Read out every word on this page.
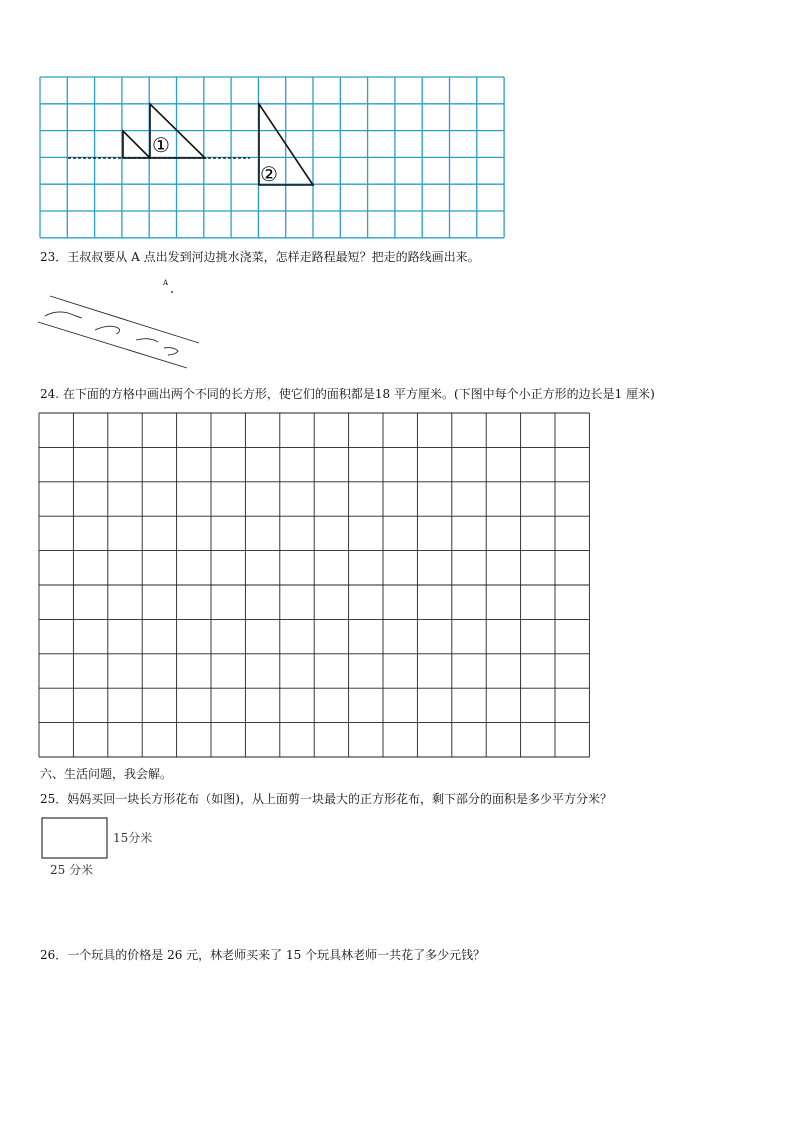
①
②
23．王叔叔要从 A 点出发到河边挑水浇菜，怎样走路程最短？把走的路线画出来。
A
24. 在下面的方格中画出两个不同的长方形，使它们的面积都是18 平方厘米。(下图中每个小正方形的边长是1 厘米)
六、生活问题，我会解。
25．妈妈买回一块长方形花布（如图)，从上面剪一块最大的正方形花布，剩下部分的面积是多少平方分米？
15分米
25 分米
26．一个玩具的价格是 26 元，林老师买来了 15 个玩具林老师一共花了多少元钱？
